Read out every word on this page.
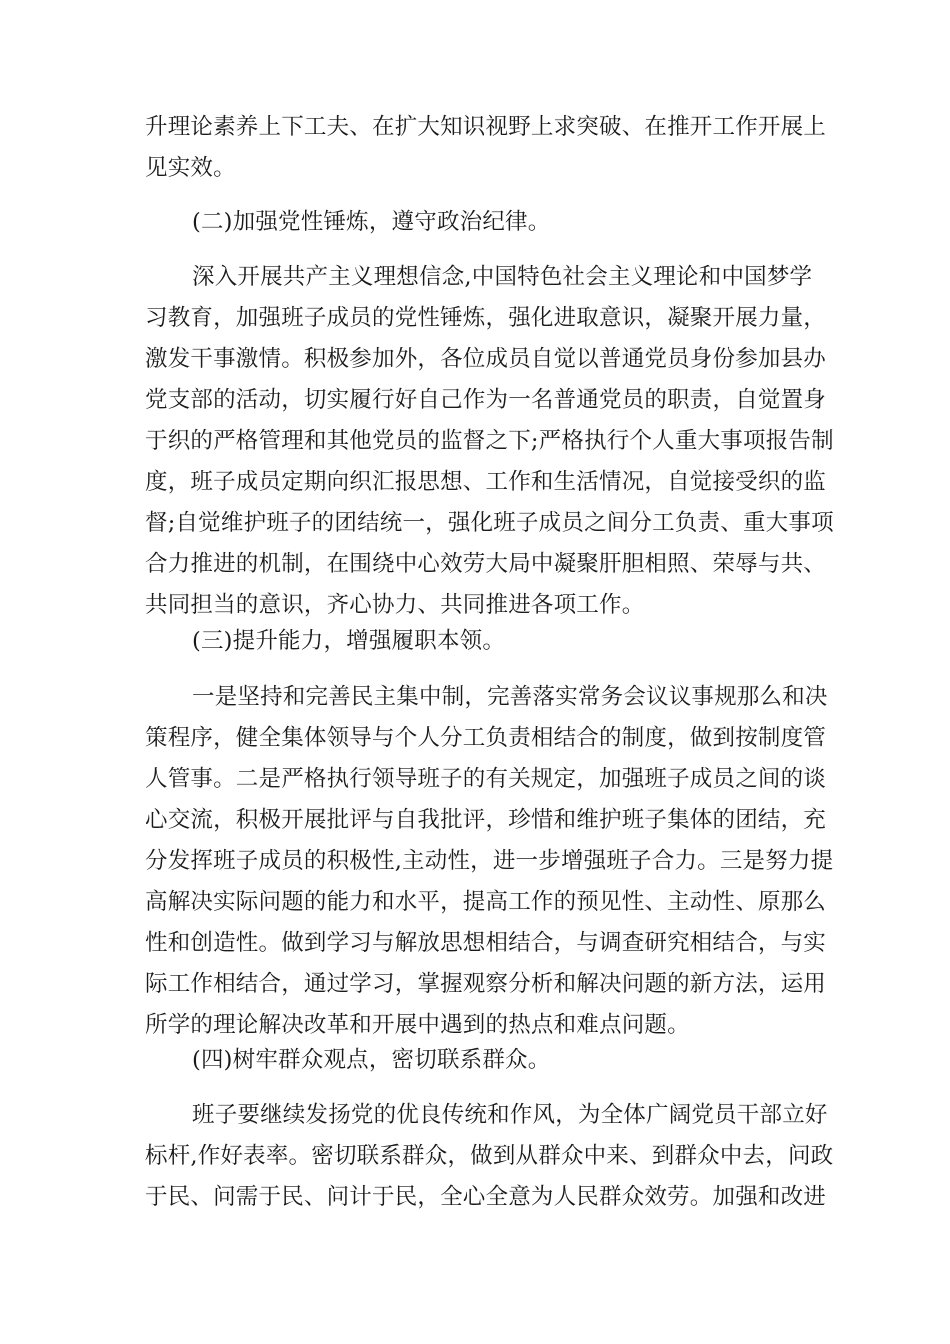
升理论素养上下工夫、在扩大知识视野上求突破、在推开工作开展上
见实效。
(二)加强党性锤炼，遵守政治纪律。
深入开展共产主义理想信念,中国特色社会主义理论和中国梦学
习教育，加强班子成员的党性锤炼，强化进取意识，凝聚开展力量，
激发干事激情。积极参加外，各位成员自觉以普通党员身份参加县办
党支部的活动，切实履行好自己作为一名普通党员的职责，自觉置身
于织的严格管理和其他党员的监督之下;严格执行个人重大事项报告制
度，班子成员定期向织汇报思想、工作和生活情况，自觉接受织的监
督;自觉维护班子的团结统一，强化班子成员之间分工负责、重大事项
合力推进的机制，在围绕中心效劳大局中凝聚肝胆相照、荣辱与共、
共同担当的意识，齐心协力、共同推进各项工作。
(三)提升能力，增强履职本领。
一是坚持和完善民主集中制，完善落实常务会议议事规那么和决
策程序，健全集体领导与个人分工负责相结合的制度，做到按制度管
人管事。二是严格执行领导班子的有关规定，加强班子成员之间的谈
心交流，积极开展批评与自我批评，珍惜和维护班子集体的团结，充
分发挥班子成员的积极性,主动性，进一步增强班子合力。三是努力提
高解决实际问题的能力和水平，提高工作的预见性、主动性、原那么
性和创造性。做到学习与解放思想相结合，与调查研究相结合，与实
际工作相结合，通过学习，掌握观察分析和解决问题的新方法，运用
所学的理论解决改革和开展中遇到的热点和难点问题。
(四)树牢群众观点，密切联系群众。
班子要继续发扬党的优良传统和作风，为全体广阔党员干部立好
标杆,作好表率。密切联系群众，做到从群众中来、到群众中去，问政
于民、问需于民、问计于民，全心全意为人民群众效劳。加强和改进
